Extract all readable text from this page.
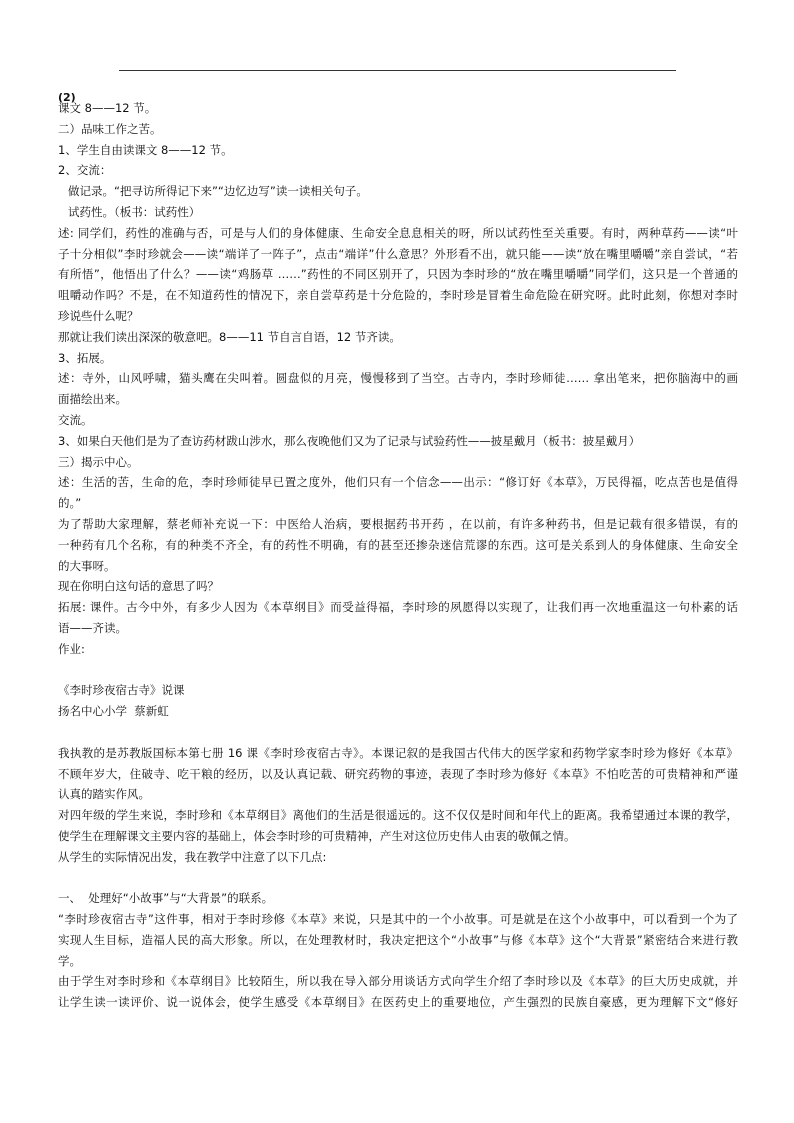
(2)
课文 8——12 节。
二）品味工作之苦。
1、学生自由读课文 8——12 节。
2、交流：
做记录。“把寻访所得记下来”“边忆边写”读一读相关句子。
试药性。（板书：试药性）
述: 同学们，药性的准确与否，可是与人们的身体健康、生命安全息息相关的呀，所以试药性至关重要。有时，两种草药——读“叶
子十分相似”李时珍就会——读“端详了一阵子”，点击“端详”什么意思？外形看不出，就只能——读“放在嘴里嚼嚼”亲自尝试，“若
有所悟”，他悟出了什么？——读“鸡肠草 ……”药性的不同区别开了，只因为李时珍的“放在嘴里嚼嚼”同学们，这只是一个普通的
咀嚼动作吗？不是，在不知道药性的情况下，亲自尝草药是十分危险的，李时珍是冒着生命危险在研究呀。此时此刻，你想对李时
珍说些什么呢？
那就让我们读出深深的敬意吧。8——11 节自言自语，12 节齐读。
3、拓展。
述：寺外，山风呼啸，猫头鹰在尖叫着。圆盘似的月亮，慢慢移到了当空。古寺内，李时珍师徒…… 拿出笔来，把你脑海中的画
面描绘出来。
交流。
3、如果白天他们是为了查访药材跋山涉水，那么夜晚他们又为了记录与试验药性——披星戴月（板书：披星戴月）
三）揭示中心。
述：生活的苦，生命的危，李时珍师徒早已置之度外，他们只有一个信念——出示：“修订好《本草》，万民得福，吃点苦也是值得
的。”
为了帮助大家理解，蔡老师补充说一下：中医给人治病，要根据药书开药 ，在以前，有许多种药书，但是记载有很多错误，有的
一种药有几个名称，有的种类不齐全，有的药性不明确，有的甚至还掺杂迷信荒谬的东西。这可是关系到人的身体健康、生命安全
的大事呀。
现在你明白这句话的意思了吗？
拓展: 课件。古今中外，有多少人因为《本草纲目》而受益得福，李时珍的夙愿得以实现了，让我们再一次地重温这一句朴素的话
语——齐读。
作业:
《李时珍夜宿古寺》说课
扬名中心小学  蔡新虹
我执教的是苏教版国标本第七册 16 课《李时珍夜宿古寺》。本课记叙的是我国古代伟大的医学家和药物学家李时珍为修好《本草》
不顾年岁大，住破寺、吃干粮的经历，以及认真记载、研究药物的事迹，表现了李时珍为修好《本草》不怕吃苦的可贵精神和严谨
认真的踏实作风。
对四年级的学生来说，李时珍和《本草纲目》离他们的生活是很遥远的。这不仅仅是时间和年代上的距离。我希望通过本课的教学，
使学生在理解课文主要内容的基础上，体会李时珍的可贵精神，产生对这位历史伟人由衷的敬佩之情。
从学生的实际情况出发，我在教学中注意了以下几点:
一、  处理好“小故事”与“大背景”的联系。
“李时珍夜宿古寺”这件事，相对于李时珍修《本草》来说，只是其中的一个小故事。可是就是在这个小故事中，可以看到一个为了
实现人生目标，造福人民的高大形象。所以，在处理教材时，我决定把这个“小故事”与修《本草》这个“大背景”紧密结合来进行教
学。
由于学生对李时珍和《本草纲目》比较陌生，所以我在导入部分用谈话方式向学生介绍了李时珍以及《本草》的巨大历史成就，并
让学生读一读评价、说一说体会，使学生感受《本草纲目》在医药史上的重要地位，产生强烈的民族自豪感，更为理解下文“修好
